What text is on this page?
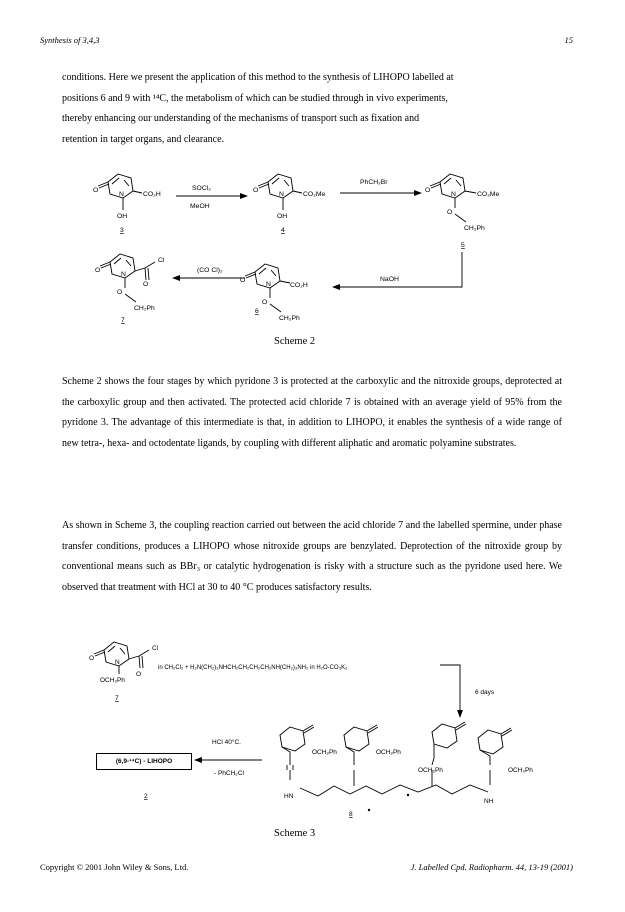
Synthesis of 3,4,3	15

conditions. Here we present the application of this method to the synthesis of LIHOPO labelled at

positions 6 and 9 with ¹⁴C, the metabolism of which can be studied through in vivo experiments,

thereby enhancing our understanding of the mechanisms of transport such as fixation and

retention in target organs, and clearance.

O
N	CO₂H
OH
3
SOCl₂
MeOH
O
N	CO₂Me
OH
4
PhCH₂Br
O
N	CO₂Me
O
CH₂Ph
5
NaOH
O
N	CO₂H
O
CH₂Ph
6
(CO Cl)₂
O
N
Cl
O
O
CH₂Ph
7
Scheme 2

Scheme 2 shows the four stages by which pyridone 3 is protected at the carboxylic and the nitroxide groups, deprotected at the carboxylic group and then activated. The protected acid chloride 7 is obtained with an average yield of 95% from the pyridone 3. The advantage of this intermediate is that, in addition to LIHOPO, it enables the synthesis of a wide range of new tetra-, hexa- and octodentate ligands, by coupling with different aliphatic and aromatic polyamine substrates.

As shown in Scheme 3, the coupling reaction carried out between the acid chloride 7 and the labelled spermine, under phase transfer conditions, produces a LIHOPO whose nitroxide groups are benzylated. Deprotection of the nitroxide group by conventional means such as BBr₃ or catalytic hydrogenation is risky with a structure such as the pyridone used here. We observed that treatment with HCl at 30 to 40 °C produces satisfactory results.

O
N
Cl
O
OCH₂Ph
7
in CH₂Cl₂ + H₂N(CH₂)₃NHCH₂CH₂CH₂CH₂NH(CH₂)₃NH₂ in H₂O-CO₃K₂
6 days
HCl 40°C.
- PhCH₂Cl
2
OCH₂Ph	OCH₂Ph
OCH₂Ph	OCH₂Ph
HN
NH
8
(6,9-¹⁴C) - LIHOPO
Scheme 3
Copyright © 2001 John Wiley & Sons, Ltd.	J. Labelled Cpd. Radiopharm. 44, 13-19 (2001)
